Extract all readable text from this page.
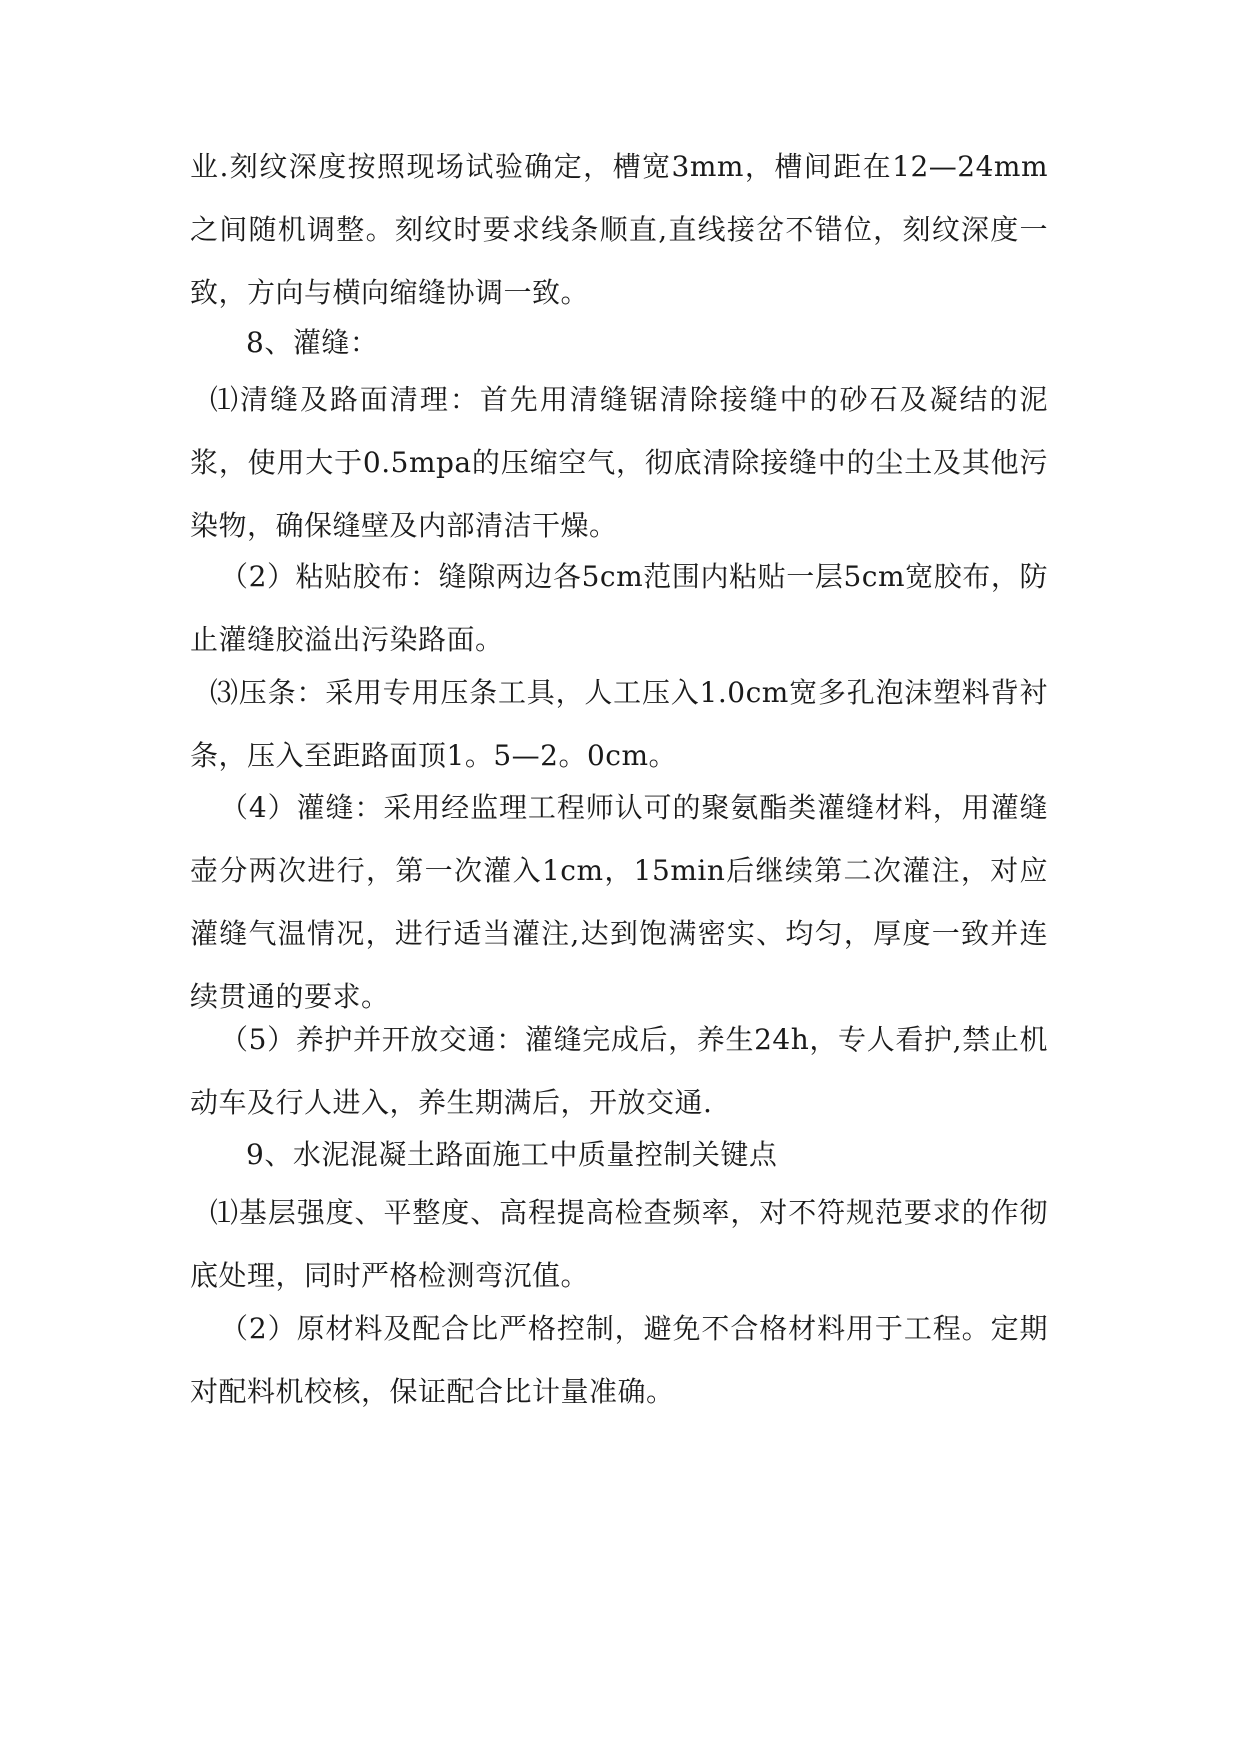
业.刻纹深度按照现场试验确定，槽宽3mm，槽间距在12—24mm之间随机调整。刻纹时要求线条顺直,直线接岔不错位，刻纹深度一致，方向与横向缩缝协调一致。

8、灌缝：

⑴清缝及路面清理：首先用清缝锯清除接缝中的砂石及凝结的泥浆，使用大于0.5mpa的压缩空气，彻底清除接缝中的尘土及其他污染物，确保缝壁及内部清洁干燥。

（2）粘贴胶布：缝隙两边各5cm范围内粘贴一层5cm宽胶布，防止灌缝胶溢出污染路面。

⑶压条：采用专用压条工具，人工压入1.0cm宽多孔泡沫塑料背衬条，压入至距路面顶1。5—2。0cm。

（4）灌缝：采用经监理工程师认可的聚氨酯类灌缝材料，用灌缝壶分两次进行，第一次灌入1cm，15min后继续第二次灌注，对应灌缝气温情况，进行适当灌注,达到饱满密实、均匀，厚度一致并连续贯通的要求。

（5）养护并开放交通：灌缝完成后，养生24h，专人看护,禁止机动车及行人进入，养生期满后，开放交通.

9、水泥混凝土路面施工中质量控制关键点

⑴基层强度、平整度、高程提高检查频率，对不符规范要求的作彻底处理，同时严格检测弯沉值。

（2）原材料及配合比严格控制，避免不合格材料用于工程。定期对配料机校核，保证配合比计量准确。
